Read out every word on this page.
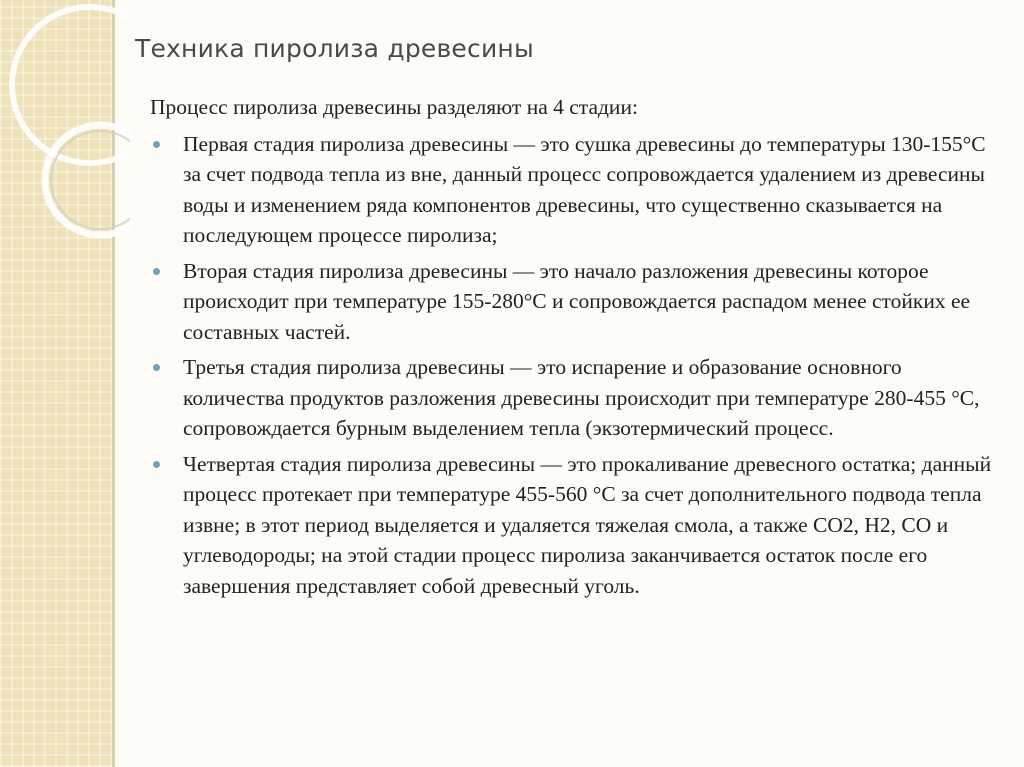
Техника пиролиза древесины

Процесс пиролиза древесины разделяют на 4 стадии:

Первая стадия пиролиза древесины — это сушка древесины до температуры 130-155°С за счет подвода тепла из вне, данный процесс сопровождается удалением из древесины воды и изменением ряда компонентов древесины, что существенно сказывается на последующем процессе пиролиза;
Вторая стадия пиролиза древесины — это начало разложения древесины которое происходит при температуре 155-280°С и сопровождается распадом менее стойких ее составных частей.
Третья стадия пиролиза древесины — это испарение и образование основного количества продуктов разложения древесины происходит при температуре 280-455 °С, сопровождается бурным выделением тепла (экзотермический процесс.
Четвертая стадия пиролиза древесины — это прокаливание древесного остатка; данный процесс протекает при температуре 455-560 °С за счет дополнительного подвода тепла извне; в этот период выделяется и удаляется тяжелая смола, а также CO2, H2, CO и углеводороды; на этой стадии процесс пиролиза заканчивается остаток после его завершения представляет собой древесный уголь.
